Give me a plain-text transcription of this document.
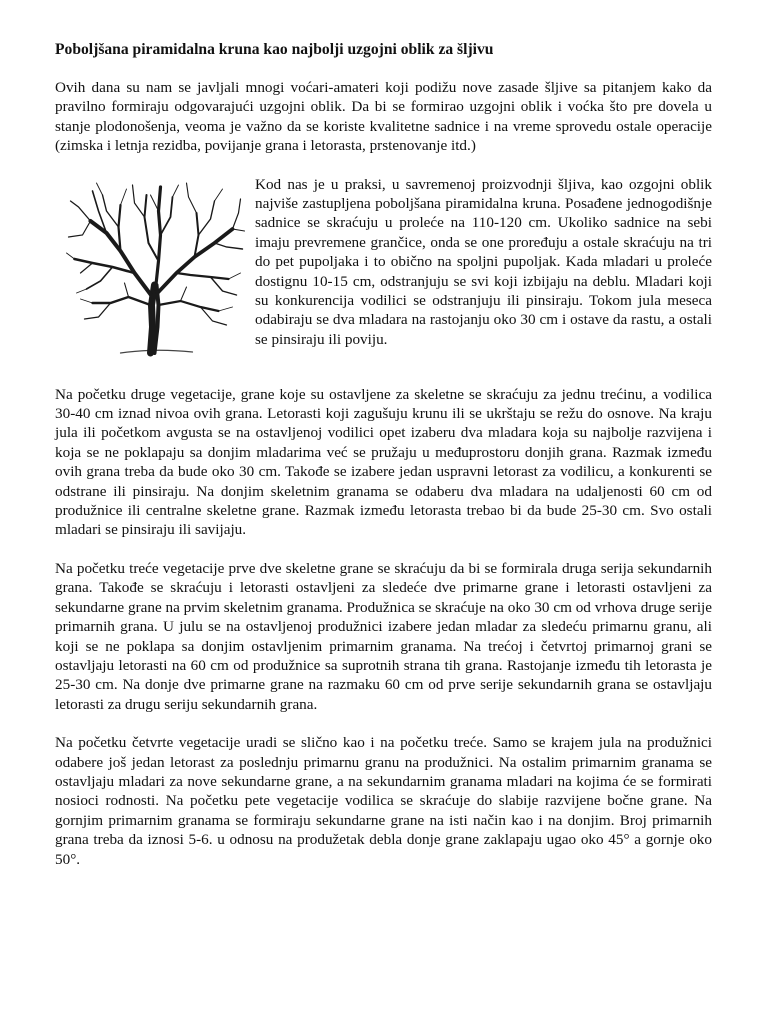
Poboljšana piramidalna kruna kao najbolji uzgojni oblik za šljivu

Ovih dana su nam se javljali mnogi voćari-amateri koji podižu nove zasade šljive sa pitanjem kako da pravilno formiraju odgovarajući uzgojni oblik. Da bi se formirao uzgojni oblik i voćka što pre dovela u stanje plodonošenja, veoma je važno da se koriste kvalitetne sadnice i na vreme sprovedu ostale operacije (zimska i letnja rezidba, povijanje grana i letorasta, prstenovanje itd.)

Kod nas je u praksi, u savremenoj proizvodnji šljiva, kao ozgojni oblik najviše zastupljena poboljšana piramidalna kruna. Posađene jednogodišnje sadnice se skraćuju u proleće na 110-120 cm. Ukoliko sadnice na sebi imaju prevremene grančice, onda se one proređuju a ostale skraćuju na tri do pet pupoljaka i to obično na spoljni pupoljak. Kada mladari u proleće dostignu 10-15 cm, odstranjuju se svi koji izbijaju na deblu. Mladari koji su konkurencija vodilici se odstranjuju ili pinsiraju. Tokom jula meseca odabiraju se dva mladara na rastojanju oko 30 cm i ostave da rastu, a ostali se pinsiraju ili poviju.

Na početku druge vegetacije, grane koje su ostavljene za skeletne se skraćuju za jednu trećinu, a vodilica 30-40 cm iznad nivoa ovih grana. Letorasti koji zagušuju krunu ili se ukrštaju se režu do osnove. Na kraju jula ili početkom avgusta se na ostavljenoj vodilici opet izaberu dva mladara koja su najbolje razvijena i koja se ne poklapaju sa donjim mladarima već se pružaju u međuprostoru donjih grana. Razmak između ovih grana treba da bude oko 30 cm. Takođe se izabere jedan uspravni letorast za vodilicu, a konkurenti se odstrane ili pinsiraju. Na donjim skeletnim granama se odaberu dva mladara na udaljenosti 60 cm od produžnice ili centralne skeletne grane. Razmak između letorasta trebao bi da bude 25-30 cm. Svo ostali mladari se pinsiraju ili savijaju.

Na početku treće vegetacije prve dve skeletne grane se skraćuju da bi se formirala druga serija sekundarnih grana. Takođe se skraćuju i letorasti ostavljeni za sledeće dve primarne grane i letorasti ostavljeni za sekundarne grane na prvim skeletnim granama. Produžnica se skraćuje na oko 30 cm od vrhova druge serije primarnih grana. U julu se na ostavljenoj produžnici izabere jedan mladar za sledeću primarnu granu, ali koji se ne poklapa sa donjim ostavljenim primarnim granama. Na trećoj i četvrtoj primarnoj grani se ostavljaju letorasti na 60 cm od produžnice sa suprotnih strana tih grana. Rastojanje između tih letorasta je 25-30 cm. Na donje dve primarne grane na razmaku 60 cm od prve serije sekundarnih grana se ostavljaju letorasti za drugu seriju sekundarnih grana.

Na početku četvrte vegetacije uradi se slično kao i na početku treće. Samo se krajem jula na produžnici odabere još jedan letorast za poslednju primarnu granu na produžnici. Na ostalim primarnim granama se ostavljaju mladari za nove sekundarne grane, a na sekundarnim granama mladari na kojima će se formirati nosioci rodnosti. Na početku pete vegetacije vodilica se skraćuje do slabije razvijene bočne grane. Na gornjim primarnim granama se formiraju sekundarne grane na isti način kao i na donjim. Broj primarnih grana treba da iznosi 5-6. u odnosu na produžetak debla donje grane zaklapaju ugao oko 45° a gornje oko 50°.
